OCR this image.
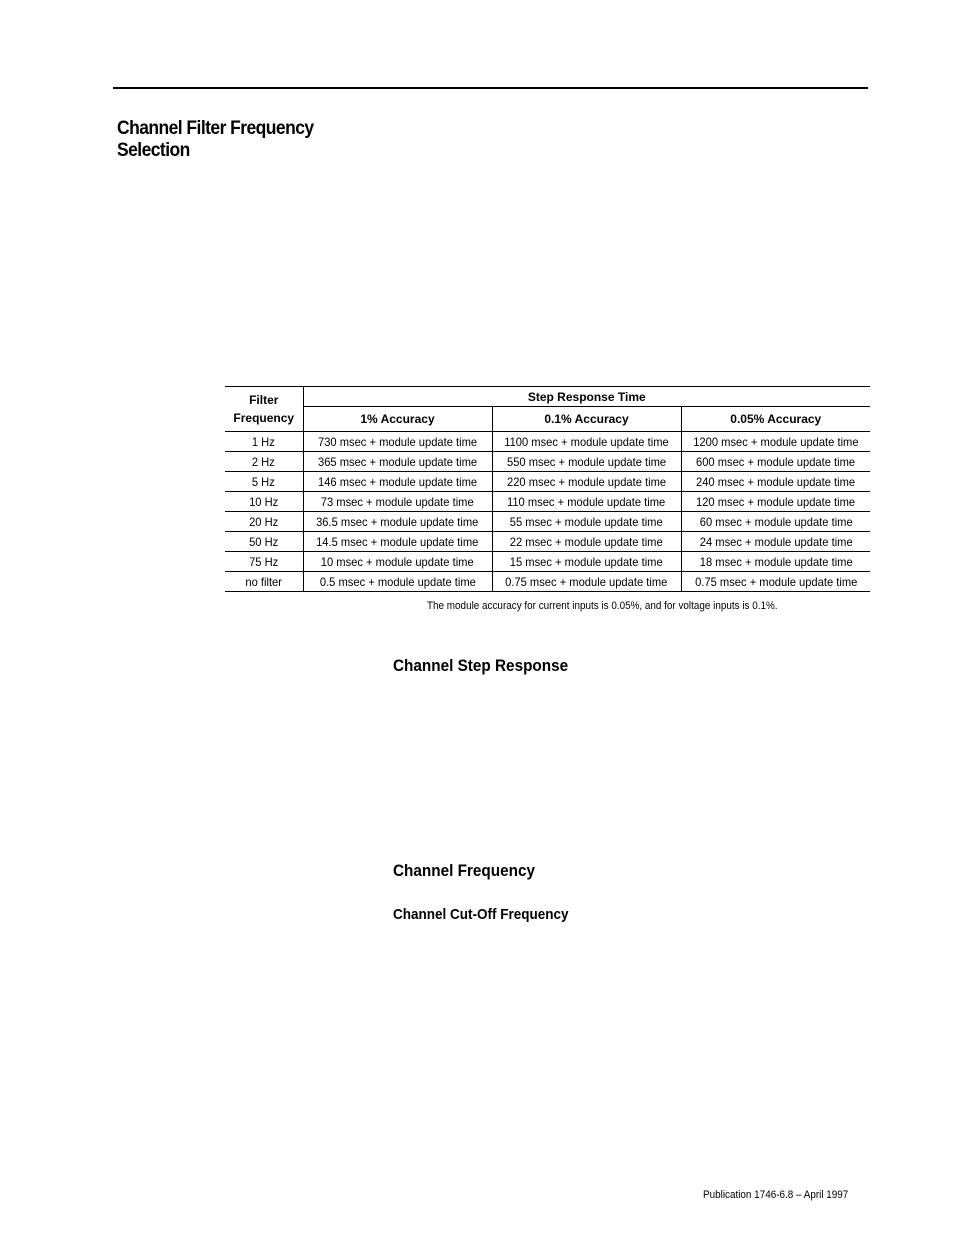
Channel Filter Frequency
Selection
Filter
Frequency	Step Response Time		
	1% Accuracy	0.1% Accuracy	0.05% Accuracy
1 Hz	730 msec + module update time	1100 msec + module update time	1200 msec + module update time
2 Hz	365 msec + module update time	550 msec + module update time	600 msec + module update time
5 Hz	146 msec + module update time	220 msec + module update time	240 msec + module update time
10 Hz	73 msec + module update time	110 msec + module update time	120 msec + module update time
20 Hz	36.5 msec + module update time	55 msec + module update time	60 msec + module update time
50 Hz	14.5 msec + module update time	22 msec + module update time	24 msec + module update time
75 Hz	10 msec + module update time	15 msec + module update time	18 msec + module update time
no filter	0.5 msec + module update time	0.75 msec + module update time	0.75 msec + module update time

The module accuracy for current inputs is 0.05%, and for voltage inputs is 0.1%.

Channel Step Response
Channel Frequency
Channel Cut-Off Frequency

Publication 1746-6.8 – April 1997
